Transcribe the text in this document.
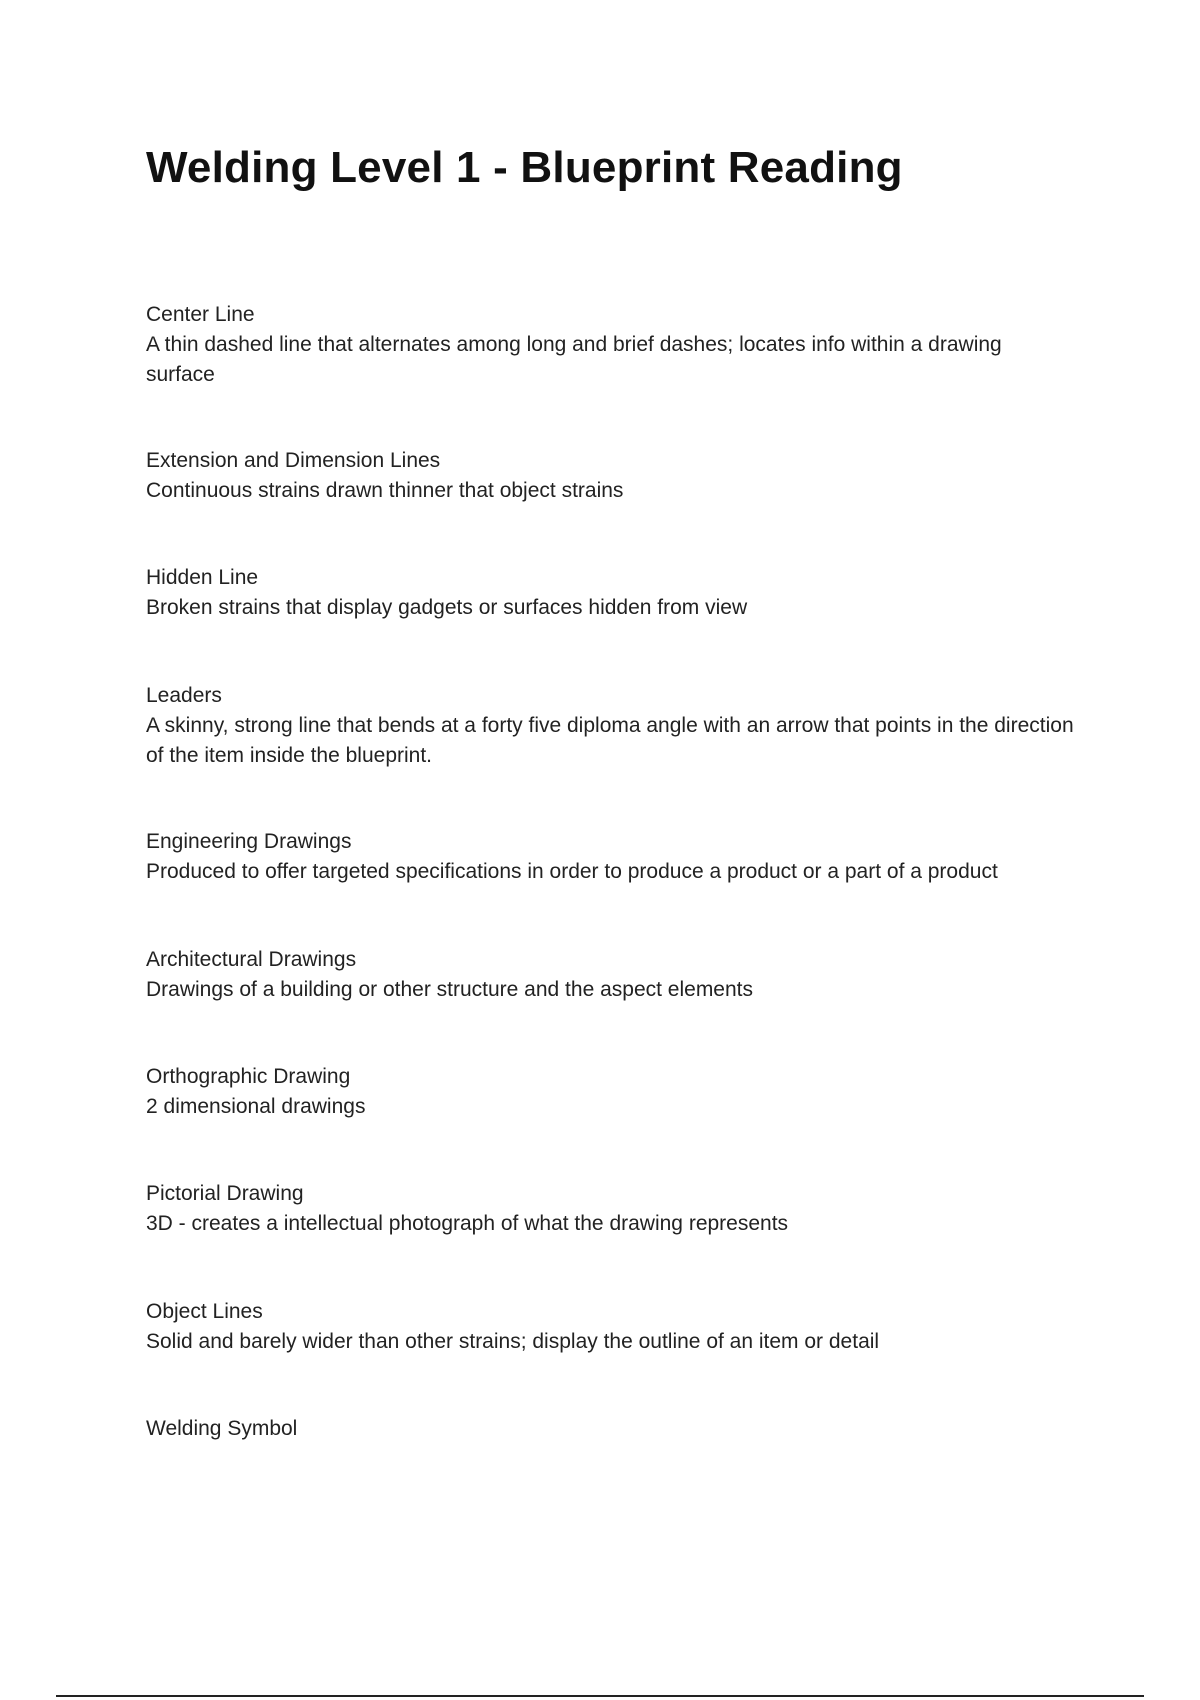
Welding Level 1 - Blueprint Reading
Center Line
A thin dashed line that alternates among long and brief dashes; locates info within a drawing surface
Extension and Dimension Lines
Continuous strains drawn thinner that object strains
Hidden Line
Broken strains that display gadgets or surfaces hidden from view
Leaders
A skinny, strong line that bends at a forty five diploma angle with an arrow that points in the direction of the item inside the blueprint.
Engineering Drawings
Produced to offer targeted specifications in order to produce a product or a part of a product
Architectural Drawings
Drawings of a building or other structure and the aspect elements
Orthographic Drawing
2 dimensional drawings
Pictorial Drawing
3D - creates a intellectual photograph of what the drawing represents
Object Lines
Solid and barely wider than other strains; display the outline of an item or detail
Welding Symbol
